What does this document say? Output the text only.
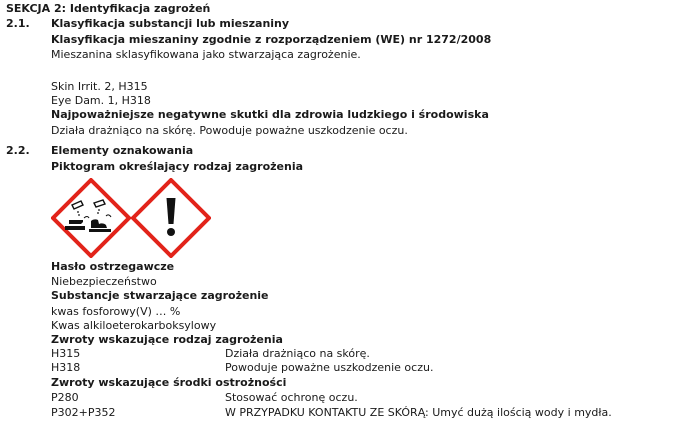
SEKCJA 2: Identyfikacja zagrożeń
2.1. Klasyfikacja substancji lub mieszaniny
Klasyfikacja mieszaniny zgodnie z rozporządzeniem (WE) nr 1272/2008
Mieszanina sklasyfikowana jako stwarzająca zagrożenie.
Skin Irrit. 2, H315
Eye Dam. 1, H318
Najpoważniejsze negatywne skutki dla zdrowia ludzkiego i środowiska
Działa drażniąco na skórę. Powoduje poważne uszkodzenie oczu.
2.2. Elementy oznakowania
Piktogram określający rodzaj zagrożenia
Hasło ostrzegawcze
Niebezpieczeństwo
Substancje stwarzające zagrożenie
kwas fosforowy(V) … %
Kwas alkiloeterokarboksylowy
Zwroty wskazujące rodzaj zagrożenia
H315	Działa drażniąco na skórę.
H318	Powoduje poważne uszkodzenie oczu.
Zwroty wskazujące środki ostrożności
P280	Stosować ochronę oczu.
P302+P352	W PRZYPADKU KONTAKTU ZE SKÓRĄ: Umyć dużą ilością wody i mydła.
